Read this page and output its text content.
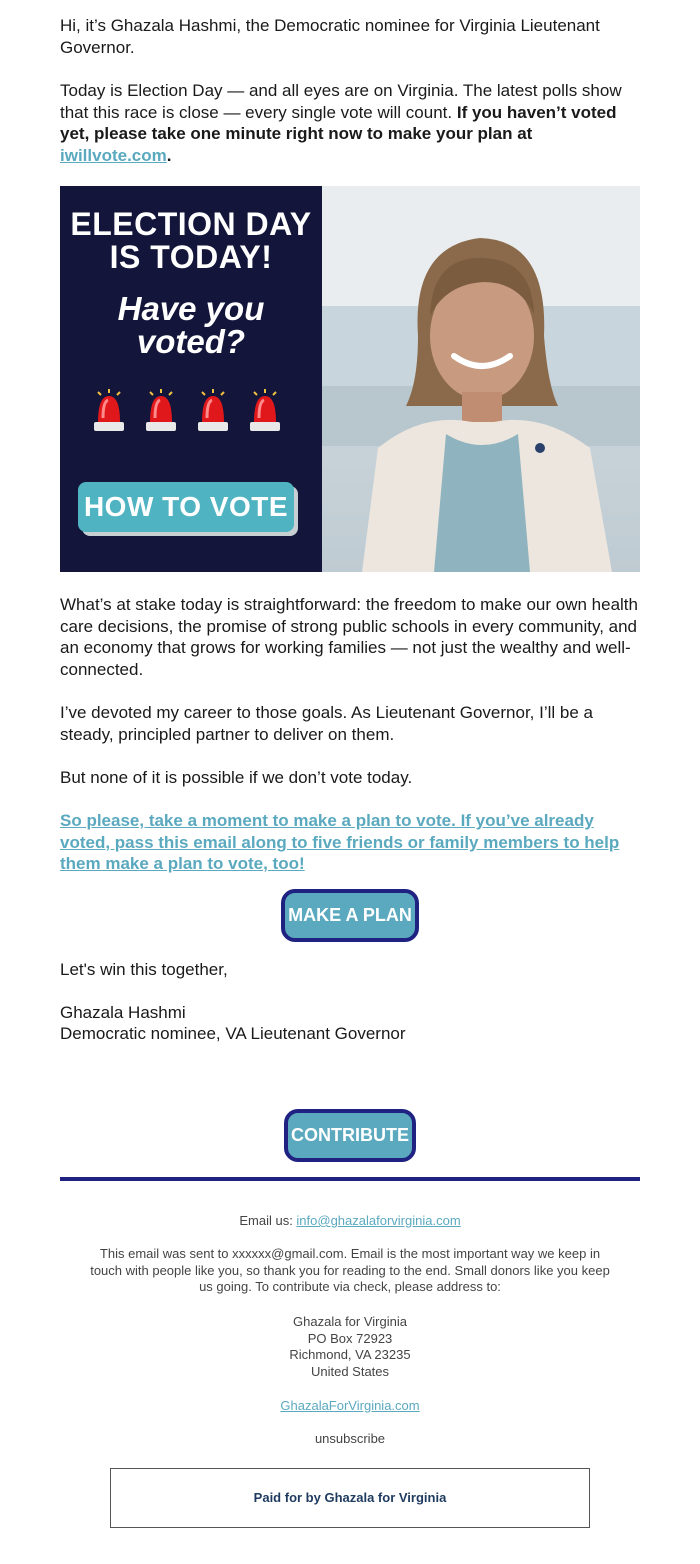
Hi, it’s Ghazala Hashmi, the Democratic nominee for Virginia Lieutenant Governor.

Today is Election Day — and all eyes are on Virginia. The latest polls show that this race is close — every single vote will count. If you haven’t voted yet, please take one minute right now to make your plan at iwillvote.com.

ELECTION DAY
IS TODAY!
Have you
voted?
HOW TO VOTE

What’s at stake today is straightforward: the freedom to make our own health care decisions, the promise of strong public schools in every community, and an economy that grows for working families — not just the wealthy and well-connected.

I’ve devoted my career to those goals. As Lieutenant Governor, I’ll be a steady, principled partner to deliver on them.

But none of it is possible if we don’t vote today.

So please, take a moment to make a plan to vote. If you’ve already voted, pass this email along to five friends or family members to help them make a plan to vote, too!

MAKE A PLAN

Let's win this together,

Ghazala Hashmi

Democratic nominee, VA Lieutenant Governor

CONTRIBUTE
Email us: info@ghazalaforvirginia.com
This email was sent to xxxxxx@gmail.com. Email is the most important way we keep in touch with people like you, so thank you for reading to the end. Small donors like you keep us going. To contribute via check, please address to:
Ghazala for Virginia
PO Box 72923
Richmond, VA 23235
United States
GhazalaForVirginia.com
unsubscribe
Paid for by Ghazala for Virginia
